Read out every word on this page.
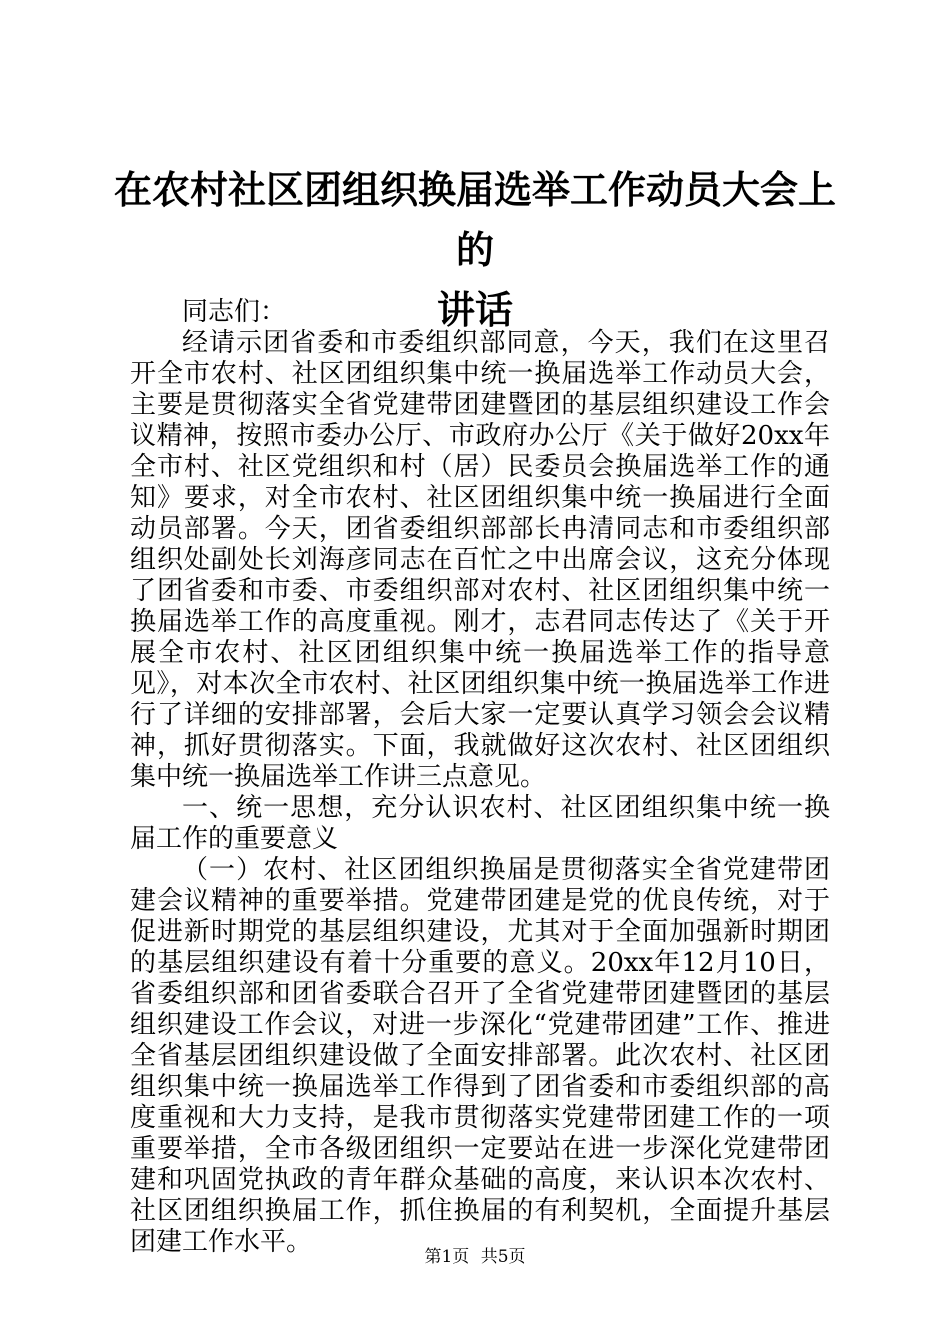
在农村社区团组织换届选举工作动员大会上的
讲话

同志们：

经请示团省委和市委组织部同意，今天，我们在这里召开全市农村、社区团组织集中统一换届选举工作动员大会，主要是贯彻落实全省党建带团建暨团的基层组织建设工作会议精神，按照市委办公厅、市政府办公厅《关于做好20xx年全市村、社区党组织和村（居）民委员会换届选举工作的通知》要求，对全市农村、社区团组织集中统一换届进行全面动员部署。今天，团省委组织部部长冉清同志和市委组织部组织处副处长刘海彦同志在百忙之中出席会议，这充分体现了团省委和市委、市委组织部对农村、社区团组织集中统一换届选举工作的高度重视。刚才，志君同志传达了《关于开展全市农村、社区团组织集中统一换届选举工作的指导意见》，对本次全市农村、社区团组织集中统一换届选举工作进行了详细的安排部署，会后大家一定要认真学习领会会议精神，抓好贯彻落实。下面，我就做好这次农村、社区团组织集中统一换届选举工作讲三点意见。

一、统一思想，充分认识农村、社区团组织集中统一换届工作的重要意义

（一）农村、社区团组织换届是贯彻落实全省党建带团建会议精神的重要举措。党建带团建是党的优良传统，对于促进新时期党的基层组织建设，尤其对于全面加强新时期团的基层组织建设有着十分重要的意义。20xx年12月10日，省委组织部和团省委联合召开了全省党建带团建暨团的基层组织建设工作会议，对进一步深化“党建带团建”工作、推进全省基层团组织建设做了全面安排部署。此次农村、社区团组织集中统一换届选举工作得到了团省委和市委组织部的高度重视和大力支持，是我市贯彻落实党建带团建工作的一项重要举措，全市各级团组织一定要站在进一步深化党建带团建和巩固党执政的青年群众基础的高度，来认识本次农村、社区团组织换届工作，抓住换届的有利契机，全面提升基层团建工作水平。	第1页 共5页
